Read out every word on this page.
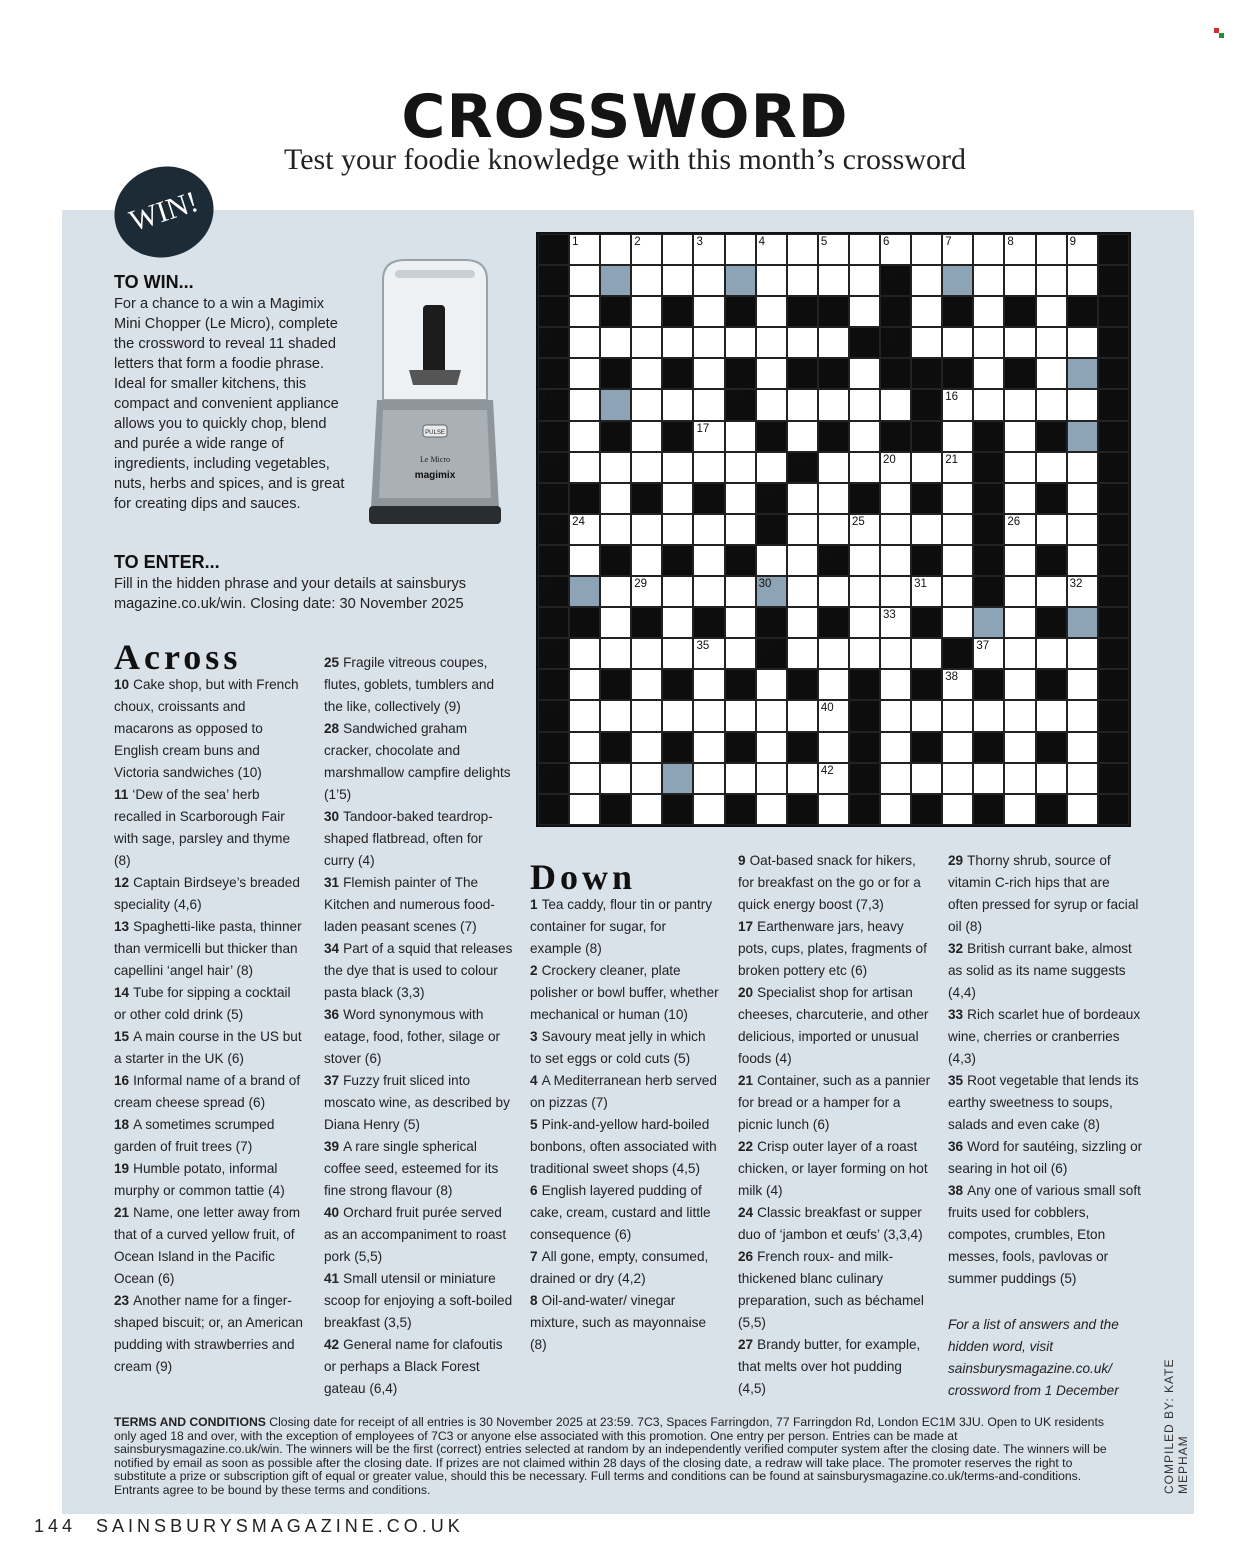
CROSSWORD
Test your foodie knowledge with this month’s crossword
WIN!
TO WIN...

For a chance to a win a Magimix Mini Chopper (Le Micro), complete the crossword to reveal 11 shaded letters that form a foodie phrase. Ideal for smaller kitchens, this compact and convenient appliance allows you to quickly chop, blend and purée a wide range of ingredients, including vegetables, nuts, herbs and spices, and is great for creating dips and sauces.

PULSE
Le Micro
magimix
TO ENTER...

Fill in the hidden phrase and your details at sainsburys magazine.co.uk/win. Closing date: 30 November 2025

1	2	3	4	5	6	7	8	9
10	11
12	13
14	15	16
17
18	19	20	21
22
23 24	25	26
27
28	29	30	31	32
33
34	35	36	37
38
39	40
41	42
Across
10 Cake shop, but with French choux, croissants and macarons as opposed to English cream buns and Victoria sandwiches (10)
11 ‘Dew of the sea’ herb recalled in Scarborough Fair with sage, parsley and thyme (8)
12 Captain Birdseye’s breaded speciality (4,6)
13 Spaghetti-like pasta, thinner than vermicelli but thicker than capellini ‘angel hair’ (8)
14 Tube for sipping a cocktail or other cold drink (5)
15 A main course in the US but a starter in the UK (6)
16 Informal name of a brand of cream cheese spread (6)
18 A sometimes scrumped garden of fruit trees (7)
19 Humble potato, informal murphy or common tattie (4)
21 Name, one letter away from that of a curved yellow fruit, of Ocean Island in the Pacific Ocean (6)
23 Another name for a finger-shaped biscuit; or, an American pudding with strawberries and cream (9)
25 Fragile vitreous coupes, flutes, goblets, tumblers and the like, collectively (9)
28 Sandwiched graham cracker, chocolate and marshmallow campfire delights (1’5)
30 Tandoor-baked teardrop-shaped flatbread, often for curry (4)
31 Flemish painter of The Kitchen and numerous food-laden peasant scenes (7)
34 Part of a squid that releases the dye that is used to colour pasta black (3,3)
36 Word synonymous with eatage, food, fother, silage or stover (6)
37 Fuzzy fruit sliced into moscato wine, as described by Diana Henry (5)
39 A rare single spherical coffee seed, esteemed for its fine strong flavour (8)
40 Orchard fruit purée served as an accompaniment to roast pork (5,5)
41 Small utensil or miniature scoop for enjoying a soft-boiled breakfast (3,5)
42 General name for clafoutis or perhaps a Black Forest gateau (6,4)
Down
1 Tea caddy, flour tin or pantry container for sugar, for example (8)
2 Crockery cleaner, plate polisher or bowl buffer, whether mechanical or human (10)
3 Savoury meat jelly in which to set eggs or cold cuts (5)
4 A Mediterranean herb served on pizzas (7)
5 Pink-and-yellow hard-boiled bonbons, often associated with traditional sweet shops (4,5)
6 English layered pudding of cake, cream, custard and little consequence (6)
7 All gone, empty, consumed, drained or dry (4,2)
8 Oil-and-water/ vinegar mixture, such as mayonnaise (8)
9 Oat-based snack for hikers, for breakfast on the go or for a quick energy boost (7,3)
17 Earthenware jars, heavy pots, cups, plates, fragments of broken pottery etc (6)
20 Specialist shop for artisan cheeses, charcuterie, and other delicious, imported or unusual foods (4)
21 Container, such as a pannier for bread or a hamper for a picnic lunch (6)
22 Crisp outer layer of a roast chicken, or layer forming on hot milk (4)
24 Classic breakfast or supper duo of ‘jambon et œufs’ (3,3,4)
26 French roux- and milk-thickened blanc culinary preparation, such as béchamel (5,5)
27 Brandy butter, for example, that melts over hot pudding (4,5)
29 Thorny shrub, source of vitamin C-rich hips that are often pressed for syrup or facial oil (8)
32 British currant bake, almost as solid as its name suggests (4,4)
33 Rich scarlet hue of bordeaux wine, cherries or cranberries (4,3)
35 Root vegetable that lends its earthy sweetness to soups, salads and even cake (8)
36 Word for sautéing, sizzling or searing in hot oil (6)
38 Any one of various small soft fruits used for cobblers, compotes, crumbles, Eton messes, fools, pavlovas or summer puddings (5)

For a list of answers and the hidden word, visit sainsburysmagazine.co.uk/ crossword from 1 December	COMPILED BY: KATE MEPHAM

TERMS AND CONDITIONS Closing date for receipt of all entries is 30 November 2025 at 23:59. 7C3, Spaces Farringdon, 77 Farringdon Rd, London EC1M 3JU. Open to UK residents only aged 18 and over, with the exception of employees of 7C3 or anyone else associated with this promotion. One entry per person. Entries can be made at sainsburysmagazine.co.uk/win. The winners will be the first (correct) entries selected at random by an independently verified computer system after the closing date. The winners will be notified by email as soon as possible after the closing date. If prizes are not claimed within 28 days of the closing date, a redraw will take place. The promoter reserves the right to substitute a prize or subscription gift of equal or greater value, should this be necessary. Full terms and conditions can be found at sainsburysmagazine.co.uk/terms-and-conditions. Entrants agree to be bound by these terms and conditions.

144 SAINSBURYSMAGAZINE.CO.UK
